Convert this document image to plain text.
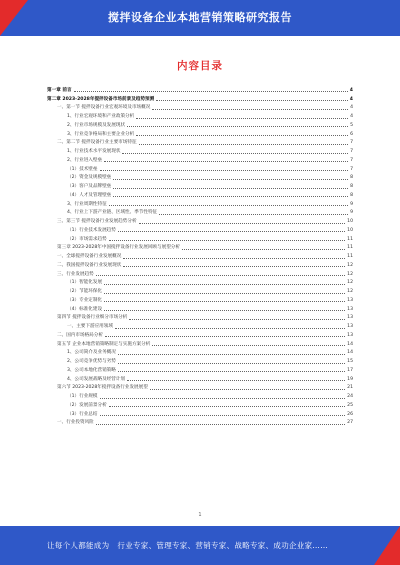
搅拌设备企业本地营销策略研究报告
内容目录
第一章 前言	4
第二章 2023-2028年搅拌设备市场前景及趋势预测	4
一、第一节 搅拌设备行业宏观环境及市场概况	4
1、行业宏观环境和产业政策分析	4
2、行业市场规模及发展现状	5
3、行业竞争格局和主要企业分析	6
二、第二节 搅拌设备行业主要市场特征	7
1、行业技术水平发展现状	7
2、行业进入壁垒	7
（1）技术壁垒	7
（2）资金及规模壁垒	8
（3）客户及品牌壁垒	8
（4）人才及管理壁垒	8
3、行业周期性特征	9
4、行业上下游产业链、区域性、季节性特征	9
三、第三节 搅拌设备行业发展趋势分析	10
（1）行业技术发展趋势	10
（2）市场需求趋势	11
第三章 2023-2028年中国搅拌设备行业发展回顾与展望分析	11
一、全球搅拌设备行业发展概况	11
二、我国搅拌设备行业发展现状	12
三、行业发展趋势	12
（1）智能化发展	12
（2）节能环保化	12
（3）专业定制化	13
（4）标准化建设	13
第四节 搅拌设备行业细分市场分析	13
一、主要下游应用领域	13
二、国内市场格局分析	13
第五节 企业本地营销策略制定与实施方案分析	14
1、公司简介及业务概况	14
2、公司竞争优势与劣势	15
3、公司本地化营销策略	17
4、公司发展战略及经营计划	19
第六节 2023-2028年搅拌设备行业发展展望	21
（1）行业规模	24
（2）发展前景分析	25
（3）行业总结	26
一、行业投资风险	27
1
让每个人都能成为 行业专家、管理专家、营销专家、战略专家、成功企业家……
